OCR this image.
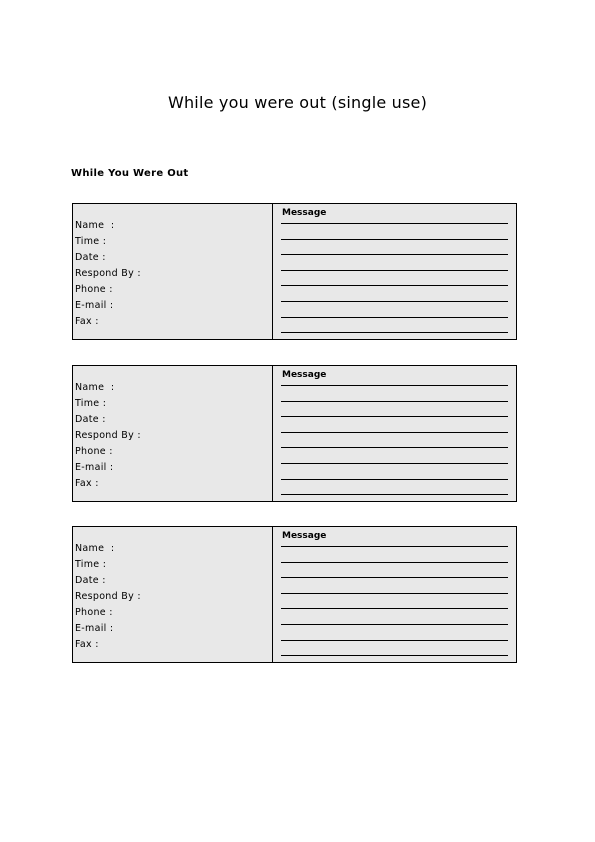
While you were out (single use)
While You Were Out
Name  :
Time :
Date :
Respond By :
Phone :
E-mail :
Fax :
Message
Name  :
Time :
Date :
Respond By :
Phone :
E-mail :
Fax :
Message
Name  :
Time :
Date :
Respond By :
Phone :
E-mail :
Fax :
Message
